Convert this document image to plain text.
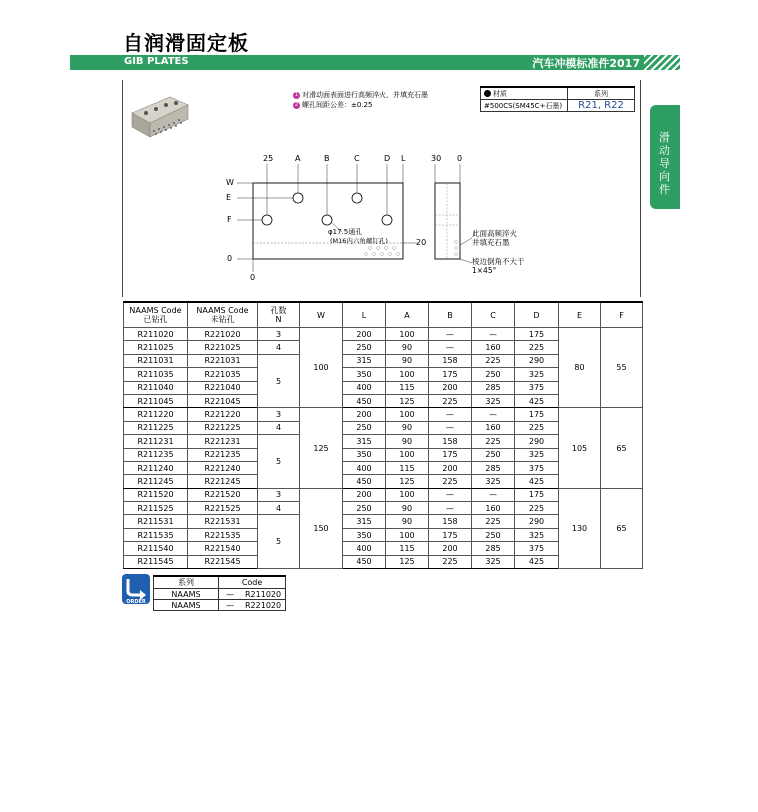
自润滑固定板
GIB PLATES	汽车冲模标准件2017
滑动导向件
1 对滑动面表面进行高频淬火，并填充石墨
2 螺孔间距公差：±0.25
材质	系列
#500CS(SM45C+石墨)	R21, R22
25	A	B	C	D L
W
E
F
0
0
φ17.5通孔
(M16内六角螺钉孔)	20
30 0
此面高频淬火
并填充石墨
棱边倒角不大于
1×45°
NAAMS Code
已钻孔	NAAMS Code
未钻孔	孔数
N	W	L	A	B	C	D	E	F
R211020	R221020	3	100	200	100	—	—	175	80	55
R211025	R221025	4		250	90	—	160	225		
R211031	R221031	5		315	90	158	225	290		
R211035	R221035			350	100	175	250	325		
R211040	R221040			400	115	200	285	375		
R211045	R221045			450	125	225	325	425		
R211220	R221220	3	125	200	100	—	—	175	105	65
R211225	R221225	4		250	90	—	160	225		
R211231	R221231	5		315	90	158	225	290		
R211235	R221235			350	100	175	250	325		
R211240	R221240			400	115	200	285	375		
R211245	R221245			450	125	225	325	425		
R211520	R221520	3	150	200	100	—	—	175	130	65
R211525	R221525	4		250	90	—	160	225		
R211531	R221531	5		315	90	158	225	290		
R211535	R221535			350	100	175	250	325		
R211540	R221540			400	115	200	285	375		
R211545	R221545			450	125	225	325	425		
ORDER
系列	Code	
NAAMS	—	R211020
NAAMS	—	R221020
